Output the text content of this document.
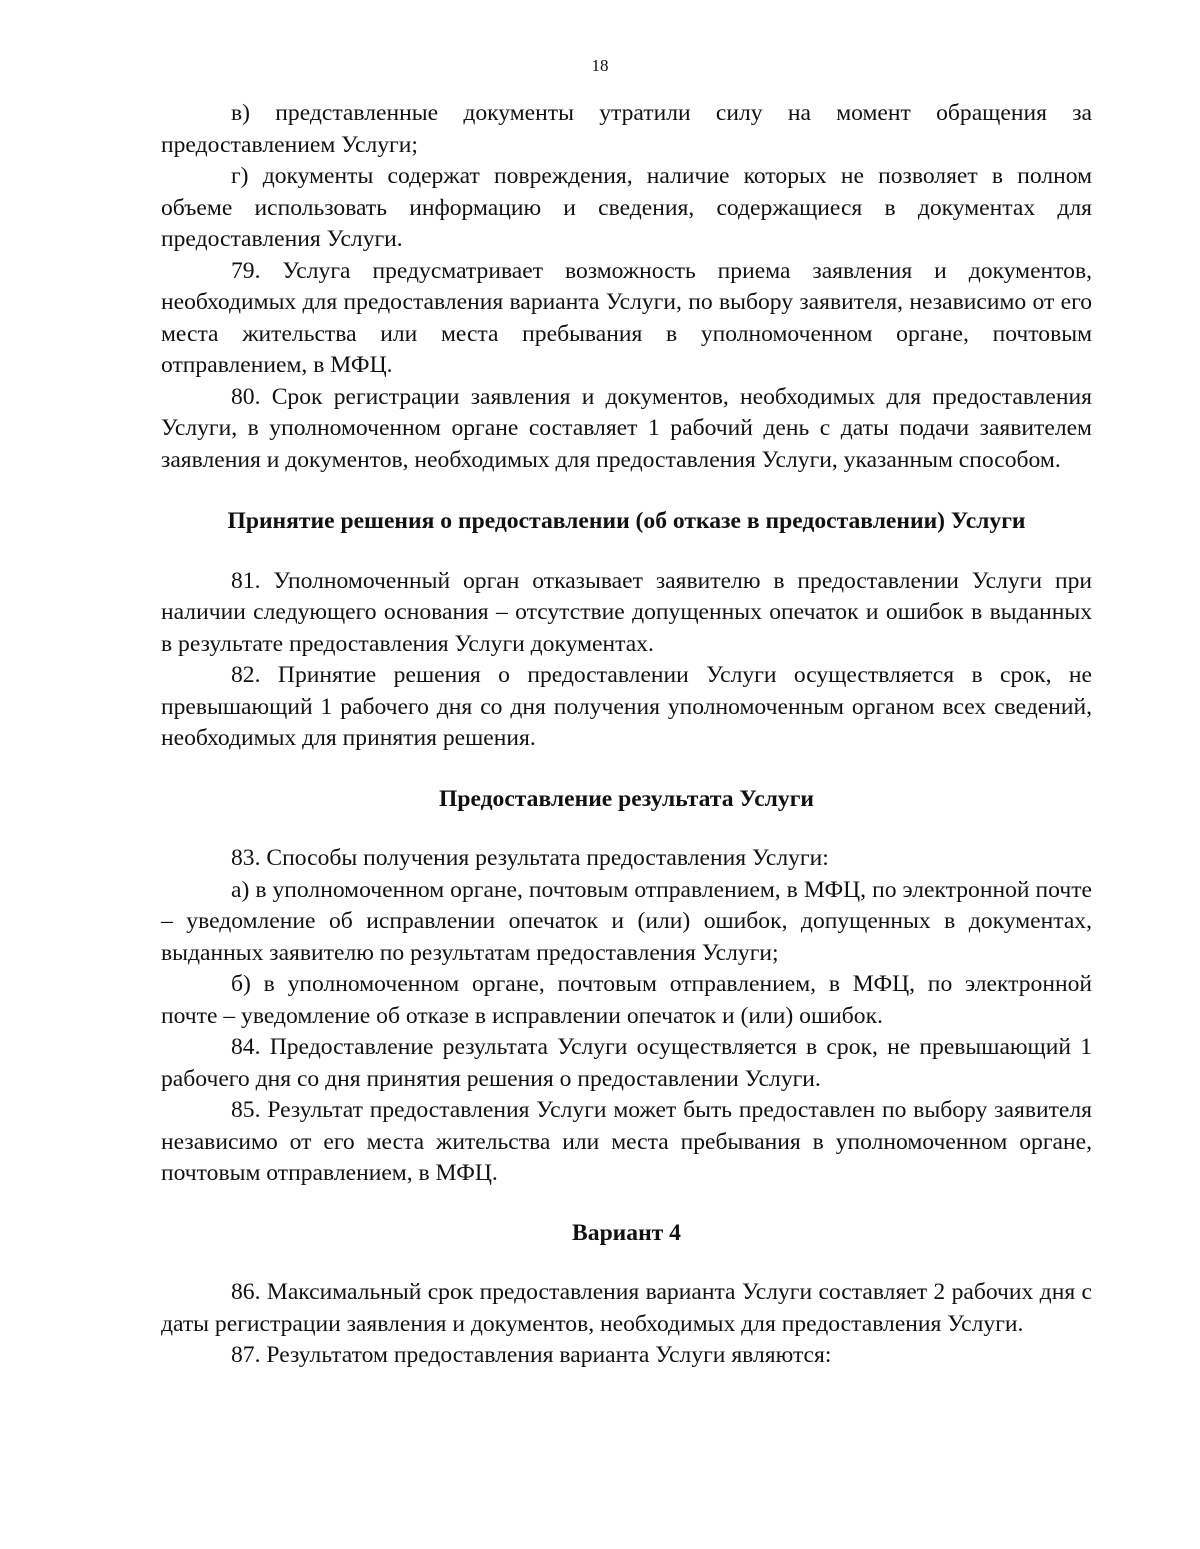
18

в) представленные документы утратили силу на момент обращения за предоставлением Услуги;

г) документы содержат повреждения, наличие которых не позволяет в полном объеме использовать информацию и сведения, содержащиеся в документах для предоставления Услуги.

79. Услуга предусматривает возможность приема заявления и документов, необходимых для предоставления варианта Услуги, по выбору заявителя, независимо от его места жительства или места пребывания в уполномоченном органе, почтовым отправлением, в МФЦ.

80. Срок регистрации заявления и документов, необходимых для предоставления Услуги, в уполномоченном органе составляет 1 рабочий день с даты подачи заявителем заявления и документов, необходимых для предоставления Услуги, указанным способом.

Принятие решения о предоставлении (об отказе в предоставлении) Услуги

81. Уполномоченный орган отказывает заявителю в предоставлении Услуги при наличии следующего основания – отсутствие допущенных опечаток и ошибок в выданных в результате предоставления Услуги документах.

82. Принятие решения о предоставлении Услуги осуществляется в срок, не превышающий 1 рабочего дня со дня получения уполномоченным органом всех сведений, необходимых для принятия решения.

Предоставление результата Услуги

83. Способы получения результата предоставления Услуги:

а) в уполномоченном органе, почтовым отправлением, в МФЦ, по электронной почте – уведомление об исправлении опечаток и (или) ошибок, допущенных в документах, выданных заявителю по результатам предоставления Услуги;

б) в уполномоченном органе, почтовым отправлением, в МФЦ, по электронной почте – уведомление об отказе в исправлении опечаток и (или) ошибок.

84. Предоставление результата Услуги осуществляется в срок, не превышающий 1 рабочего дня со дня принятия решения о предоставлении Услуги.

85. Результат предоставления Услуги может быть предоставлен по выбору заявителя независимо от его места жительства или места пребывания в уполномоченном органе, почтовым отправлением, в МФЦ.

Вариант 4

86. Максимальный срок предоставления варианта Услуги составляет 2 рабочих дня с даты регистрации заявления и документов, необходимых для предоставления Услуги.

87. Результатом предоставления варианта Услуги являются:
